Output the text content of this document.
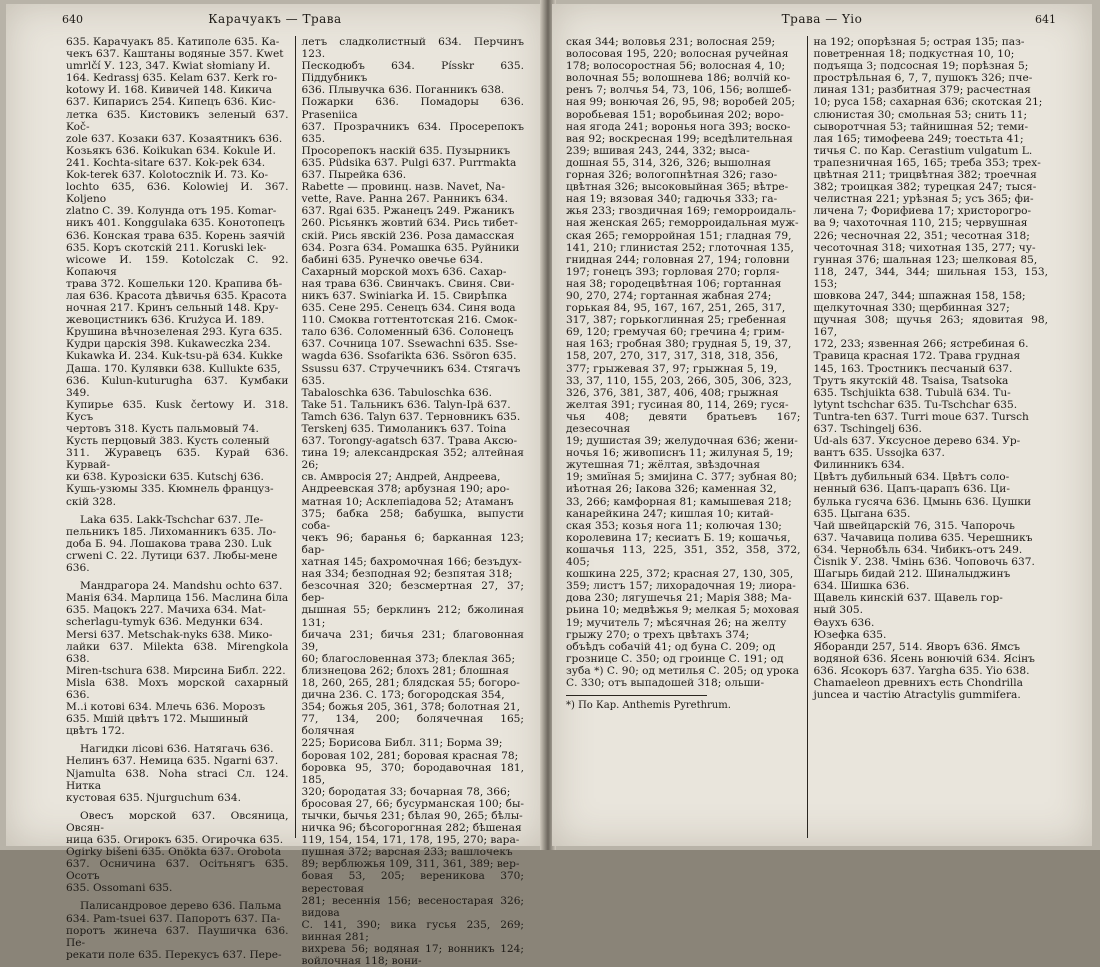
640	Карачуакъ — Трава
635. Карачуакъ 85. Катиполе 635. Ка-
чекъ 637. Каштаны водяные 357. Kwet
umrlčí У. 123, 347. Kwiat słomiany И.
164. Kedrassj 635. Kelam 637. Kerk ro-
kotowy И. 168. Кивичей 148. Кикича
637. Кипарисъ 254. Кипецъ 636. Кис-
летка 635. Кистовикъ зеленый 637. Koč-
zole 637. Козаки 637. Козаятникъ 636.
Козьякъ 636. Koikukan 634. Kokule И.
241. Kochta-sitare 637. Kok-pek 634.
Kok-terek 637. Kolotocznik И. 73. Ko-
lochto 635, 636. Kolowiej И. 367. Koljeno
zlatno С. 39. Колунда отъ 195. Komar-
никъ 401. Konggulaka 635. Конотопецъ
636. Конская трава 635. Корень заячій
635. Коръ скотскій 211. Koruski lek-
wicowe И. 159. Kotolczak С. 92. Копаючя
трава 372. Кошельки 120. Крапива бѣ-
лая 636. Красота дѣвичья 635. Красота
ночная 217. Кринъ сельный 148. Кру-
жевоцистникъ 636. Krużyca И. 189.
Крушина вѣчнозеленая 293. Куга 635.
Кудри царскія 398. Kukaweczka 234.
Kukawka И. 234. Kuk-tsu-pä 634. Kukke
Даша. 170. Кулявки 638. Kullukte 635,
636. Kulun-kuturugha 637. Кумбаки 349.
Купирье 635. Kusk čertowy И. 318. Кусъ
чертовъ 318. Кусть пальмовый 74.
Кусть перцовый 383. Кусть соленый
311. Журавецъ 635. Курай 636. Курвай-
ки 638. Курозіски 635. Kutschj 636.
Кушь-узюмы 335. Кюмнель француз-
скій 328.
Laka 635. Lakk-Tschchar 637. Ле-
пельникъ 185. Лихоманникъ 635. Ло-
доба Б. 94. Лошакова трава 230. Luk
crweni С. 22. Лутици 637. Любы-мене
636.
Мандрагора 24. Mandshu ochto 637.
Манія 634. Марлица 156. Маслина біла
635. Мацокъ 227. Мачиха 634. Mat-
scherlagu-tymyk 636. Медунки 634.
Mersi 637. Metschak-nyks 638. Мико-
лайки 637. Milekta 638. Mirengkola 638.
Miren-tschura 638. Мирсина Библ. 222.
Misla 638. Мохъ морской сахарный 636.
М..і котові 634. Млечь 636. Морозъ
635. Мшій цвѣтъ 172. Мышиный
цвѣтъ 172.
Нагидки лісові 636. Натягачь 636.
Нелинъ 637. Немица 635. Ngarni 637.
Njamulta 638. Noha straci Сл. 124. Нитка
кустовая 635. Njurguchum 634.
Овесъ морской 637. Овсяница, Овсян-
ница 635. Огирокъ 635. Огирочка 635.
Ogirky bišeni 635. Onökta 637. Orobota
637. Осничина 637. Осітьнягъ 635. Осотъ
635. Ossomani 635.
Палисандровое дерево 636. Пальма
634. Pam-tsuei 637. Папоротъ 637. Па-
поротъ жинеча 637. Паушичка 636. Пе-
рекати поле 635. Перекусъ 637. Пере-
летъ сладколистный 634. Перчинъ 123.
Пескодюбъ 634. Písskr 635. Піддубникъ
636. Плывучка 636. Поганникъ 638.
Пожарки 636. Помадоры 636. Praseniica
637. Прозрачникъ 634. Просерепокъ 635.
Просорепокъ наскій 635. Пузырникъ
635. Püdsika 637. Pulgi 637. Purrmakta
637. Пырейка 636.
Rabette — провинц. назв. Navet, Na-
vette, Rave. Ранна 267. Ранникъ 634.
637. Rgai 635. Ржанецъ 249. Ржаникъ
260. Рісьянкъ жовтий 634. Рись тибет-
скій. Рись явскій 236. Роза дамасская
634. Розга 634. Ромашка 635. Руйники
бабинi 635. Рунечко овечье 634.
Сахарный морской мохъ 636. Сахар-
ная трава 636. Свинчакъ. Свиня. Сви-
никъ 637. Swiniarka И. 15. Свирѣпка
635. Сене 295. Сенецъ 634. Синя вода
110. Смоква готтентотская 216. Смок-
тало 636. Соломенный 636. Солонецъ
637. Сочница 107. Ssewachni 635. Sse-
wagda 636. Ssofarikta 636. Ssöron 635.
Ssussu 637. Стручечникъ 634. Стягачъ
635.
Tabaloschka 636. Tabuloschka 636.
Take 51. Тальникъ 636. Talyn-Ipä 637.
Tamch 636. Talyn 637. Терновникъ 635.
Terskenj 635. Тимоланикъ 637. Toina
637. Torongy-agatsch 637. Трава Аксю-
тина 19; александрская 352; алтейная 26;
св. Амвросія 27; Андрей, Андреева,
Андреевская 378; арбузная 190; аро-
матная 10; Асклепіадова 52; Атаманъ
375; бабка 258; бабушка, выпусти соба-
чекъ 96; баранья 6; барканная 123; бар-
хатная 145; бахромочная 166; безъдух-
ная 334; безподная 92; безпятая 318;
безсочная 320; безсмертная 27, 37; бер-
дышная 55; берклинъ 212; бжолиная 131;
бичача 231; бичья 231; благовонная 39,
60; благословенная 373; блеклая 365;
близнецова 262; блохъ 281; блошная
18, 260, 265, 281; блядская 55; богоро-
дична 236. С. 173; богородская 354,
354; божья 205, 361, 378; болотная 21,
77, 134, 200; болячечная 165; болячная
225; Борисова Библ. 311; Борма 39;
боровая 102, 281; боровая красная 78;
боровка 95, 370; бородавочная 181, 185,
320; бородатая 33; бочарная 78, 366;
бросовая 27, 66; бусурманская 100; бы-
тычки, бычья 231; бѣлая 90, 265; бѣлы-
ничка 96; бѣсогорогнная 282; бѣшеная
119, 154, 154, 171, 178, 195, 270; вара-
пушная 372; варсная 233; вашлочекъ
89; верблюжья 109, 311, 361, 389; вер-
бовая 53, 205; вереникова 370; верестовая
281; весеннія 156; весеностарая 326; видова
С. 141, 390; вика гусья 235, 269; винная 281;
вихрева 56; водяная 17; вонникъ 124; войлочная 118; вони-
Трава — Yio	641
ская 344; воловья 231; волосная 259;
волосовая 195, 220; волосная ручейная
178; волосоростная 56; волосная 4, 10;
волочная 55; волошнева 186; волчій ко-
ренъ 7; волчья 54, 73, 106, 156; волшеб-
ная 99; вонючая 26, 95, 98; воробей 205;
воробьевая 151; воробьиная 202; воро-
ная ягода 241; воронья нога 393; воско-
вая 92; воскресная 199; вседѣлительная
239; вшивая 243, 244, 332; выса-
дошная 55, 314, 326, 326; вышолная
горная 326; вологопнѣтная 326; газо-
цвѣтная 326; высоковыйная 365; вѣтре-
ная 19; вязовая 340; гадючья 333; га-
жья 233; гвоздичная 169; геморроидаль-
ная женская 265; геморроидальная муж-
ская 265; геморройная 151; гладная 79,
141, 210; глинистая 252; глоточная 135,
гнидная 244; головная 27, 194; головни
197; гонецъ 393; горловая 270; горля-
ная 38; городецвѣтная 106; гортанная
90, 270, 274; гортанная жабная 274;
горькая 84, 95, 167, 167, 251, 265, 317,
317, 387; горькоглинная 25; гребенная
69, 120; гремучая 60; гречина 4; грим-
ная 163; гробная 380; грудная 5, 19, 37,
158, 207, 270, 317, 317, 318, 318, 356,
377; грыжевая 37, 97; грыжная 5, 19,
33, 37, 110, 155, 203, 266, 305, 306, 323,
326, 376, 381, 387, 406, 408; грыжная
желтая 391; гусиная 80, 114, 269; гуся-
чья 408; девяти братьевъ 167; дезесочная
19; душистая 39; желудочная 636; жени-
ночья 16; живописнъ 11; жилуная 5, 19;
жутешная 71; жёлтая, звѣздочная
19; змиїная 5; змиjина С. 377; зубная 80;
иѣотная 26; Іакова 326; каменная 32,
33, 266; камфорная 81; камышевая 218;
канарейкина 247; кишлая 10; китай-
ская 353; козья нога 11; колючая 130;
королевина 17; кесиатъ Б. 19; кошачья,
кошачья 113, 225, 351, 352, 358, 372, 405;
кошкина 225, 372; красная 27, 130, 305,
359; листъ 157; лихорадочная 19; лиора-
дова 230; лягушечья 21; Марія 388; Ма-
рьина 10; медвѣжья 9; мелкая 5; моховая
19; мучитель 7; мѣсячная 26; на желту
грыжу 270; о трехъ цвѣтахъ 374;
объѣдъ собачій 41; од буна С. 209; од
грознице С. 350; од гроинце С. 191; од
зуба *) С. 90; од метилья С. 205; од урока
С. 330; отъ выпадошей 318; ольши-
*) По Кар. Anthemis Pyrethrum.
на 192; опорѣзная 5; острая 135; паз-
поветренная 18; подкустная 10, 10;
подъяща 3; подсосная 19; порѣзная 5;
прострѣльная 6, 7, 7, пушокъ 326; пче-
линая 131; разбитная 379; расчестная
10; руса 158; сахарная 636; скотская 21;
слюнистая 30; смольная 53; снить 11;
сыворотчная 53; тайнишная 52; теми-
лая 165; тимофеева 249; тоестьта 41;
тичья С. по Кар. Cerastium vulgatum L.
трапезничная 165, 165; треба 353; трех-
цвѣтная 211; трицвѣтная 382; троечная
382; троицкая 382; турецкая 247; тыся-
челистная 221; урѣзная 5; усъ 365; фи-
личена 7; Форифиева 17; христорогро-
ва 9; чахоточная 110, 215; червушная
226; чесночная 22, 351; чесотная 318;
чесоточная 318; чихотная 135, 277; чу-
гунная 376; шальная 123; шелковая 85,
118, 247, 344, 344; шильная 153, 153, 153;
шовкова 247, 344; шпажная 158, 158;
щелкуточная 330; щербинная 327;
щучная 308; щучья 263; ядовитая 98, 167,
172, 233; язвенная 266; ястребиная 6.
Травица красная 172. Трава грудная
145, 163. Тростникъ песчаный 637.
Трутъ якутскій 48. Tsaisa, Tsatsoka
635. Tschjuikta 638. Tubulä 634. Tu-
lytynt tschchar 635. Tu-Tschchar 635.
Tuntra-ten 637. Turri moue 637. Tursch
637. Tschingelj 636.
Ud-als 637. Уксусное дерево 634. Ур-
вантъ 635. Ussojka 637.
Филинникъ 634.
Цвѣтъ дубильный 634. Цвѣтъ соло-
ненный 636. Цапъ-царапъ 636. Ци-
булька гусяча 636. Цмынь 636. Цушки
635. Цыгана 635.
Чай швейцарскій 76, 315. Чапорочь
637. Чачавица полива 635. Черешникъ
634. Чернобѣль 634. Чибикъ-отъ 249.
Čisnik У. 238. Чмінь 636. Чоповочь 637.
Шагырь бидай 212. Шиналыджинъ
634. Шишка 636.
Щавель кинскій 637. Щавель гор-
ный 305.
Ѳаухъ 636.
Юзефка 635.
Яборанди 257, 514. Яворъ 636. Ямсъ
водяной 636. Ясень вонючій 634. Ясінъ
636. Ясокоръ 637. Yargha 635. Yio 638.
Chamaeleon древнихъ есть Chondrilla
juncea и частію Atractylis gummifera.
